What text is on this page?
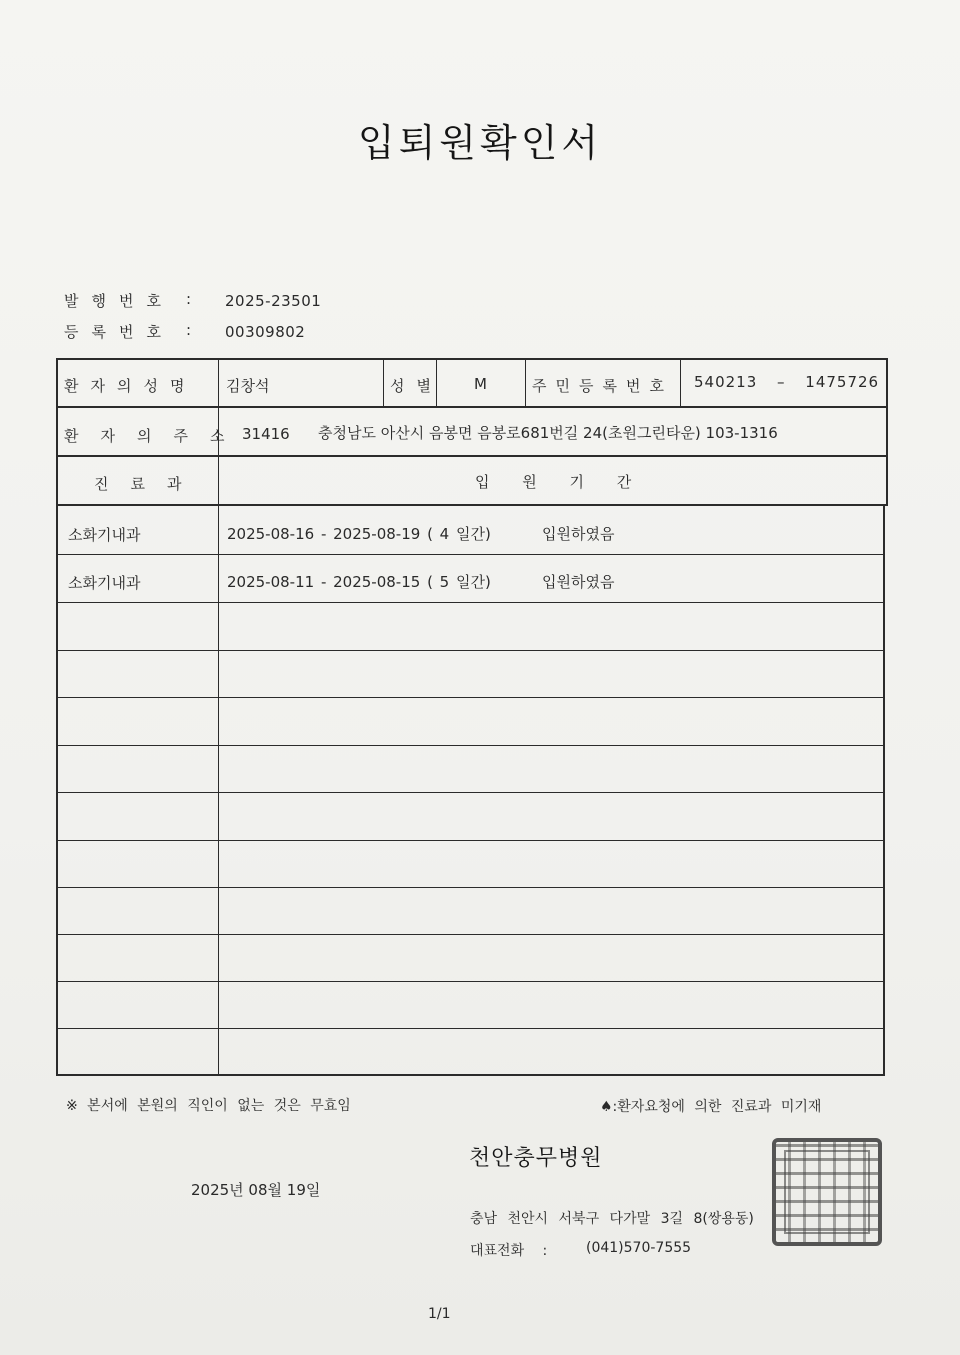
입퇴원확인서
발행번호 : 2025-23501
등록번호 : 00309802
환자의성명 김창석	성별 M	주민등록번호 540213 – 1475726
환자의주소
31416 충청남도 아산시 음봉면 음봉로681번길 24(초원그린타운) 103-1316
진료과	입 원 기 간
소화기내과	2025-08-16 - 2025-08-19 ( 4 일간)	입원하였음
소화기내과	2025-08-11 - 2025-08-15 ( 5 일간)	입원하였음
※ 본서에 본원의 직인이 없는 것은 무효임	♠:환자요청에 의한 진료과 미기재
천안충무병원
2025년 08월 19일
충남 천안시 서북구 다가말 3길 8(쌍용동)
대표전화 :	(041)570-7555
1/1
